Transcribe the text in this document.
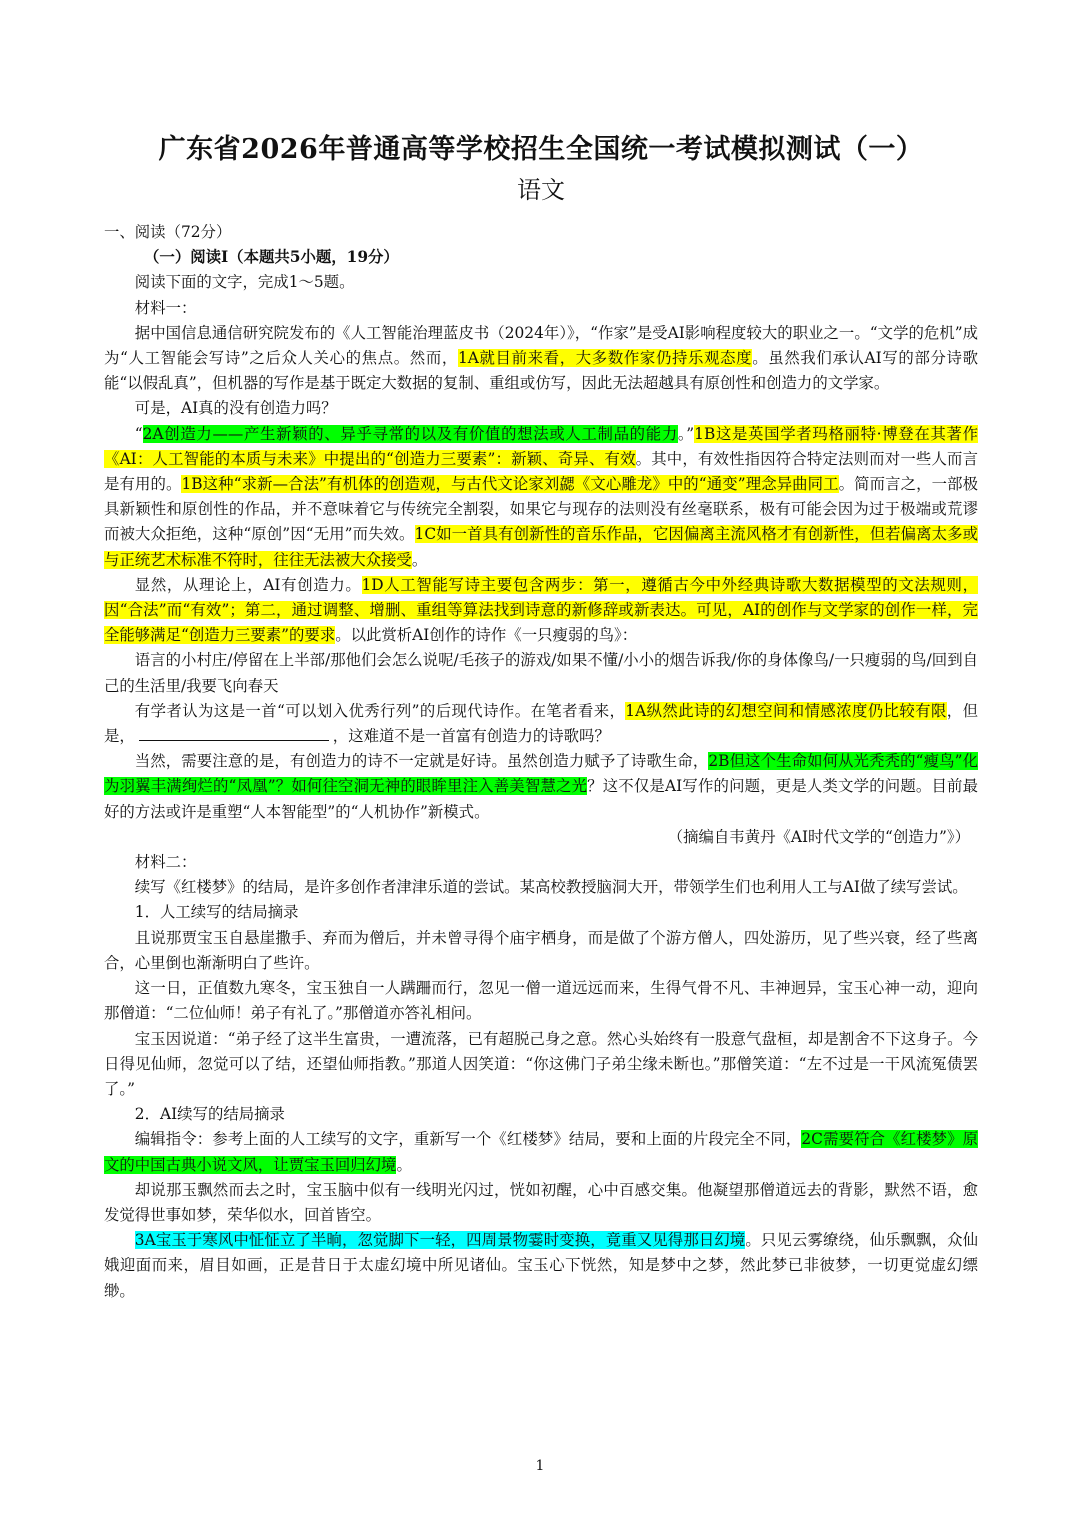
广东省2026年普通高等学校招生全国统一考试模拟测试（一）
语文

一、阅读（72分）

（一）阅读Ⅰ（本题共5小题，19分）

阅读下面的文字，完成1～5题。

材料一：

据中国信息通信研究院发布的《人工智能治理蓝皮书（2024年）》，“作家”是受AI影响程度较大的职业之一。“文学的危机”成为“人工智能会写诗”之后众人关心的焦点。然而，1A就目前来看，大多数作家仍持乐观态度。虽然我们承认AI写的部分诗歌能“以假乱真”，但机器的写作是基于既定大数据的复制、重组或仿写，因此无法超越具有原创性和创造力的文学家。

可是，AI真的没有创造力吗？

“2A创造力——产生新颖的、异乎寻常的以及有价值的想法或人工制品的能力。”1B这是英国学者玛格丽特·博登在其著作《AI：人工智能的本质与未来》中提出的“创造力三要素”：新颖、奇异、有效。其中，有效性指因符合特定法则而对一些人而言是有用的。1B这种“求新—合法”有机体的创造观，与古代文论家刘勰《文心雕龙》中的“通变”理念异曲同工。简而言之，一部极具新颖性和原创性的作品，并不意味着它与传统完全割裂，如果它与现存的法则没有丝毫联系，极有可能会因为过于极端或荒谬而被大众拒绝，这种“原创”因“无用”而失效。1C如一首具有创新性的音乐作品，它因偏离主流风格才有创新性，但若偏离太多或与正统艺术标准不符时，往往无法被大众接受。

显然，从理论上，AI有创造力。1D人工智能写诗主要包含两步：第一，遵循古今中外经典诗歌大数据模型的文法规则，因“合法”而“有效”；第二，通过调整、增删、重组等算法找到诗意的新修辞或新表达。可见，AI的创作与文学家的创作一样，完全能够满足“创造力三要素”的要求。以此赏析AI创作的诗作《一只瘦弱的鸟》：

语言的小村庄/停留在上半部/那他们会怎么说呢/毛孩子的游戏/如果不懂/小小的烟告诉我/你的身体像鸟/一只瘦弱的鸟/回到自己的生活里/我要飞向春天

有学者认为这是一首“可以划入优秀行列”的后现代诗作。在笔者看来，1A纵然此诗的幻想空间和情感浓度仍比较有限，但是，	，这难道不是一首富有创造力的诗歌吗？

当然，需要注意的是，有创造力的诗不一定就是好诗。虽然创造力赋予了诗歌生命，2B但这个生命如何从光秃秃的“瘦鸟”化为羽翼丰满绚烂的“凤凰”？如何往空洞无神的眼眸里注入善美智慧之光？这不仅是AI写作的问题，更是人类文学的问题。目前最好的方法或许是重塑“人本智能型”的“人机协作”新模式。

（摘编自韦黄丹《AI时代文学的“创造力”》）

材料二：

续写《红楼梦》的结局，是许多创作者津津乐道的尝试。某高校教授脑洞大开，带领学生们也利用人工与AI做了续写尝试。

1．人工续写的结局摘录

且说那贾宝玉自悬崖撒手、弃而为僧后，并未曾寻得个庙宇栖身，而是做了个游方僧人，四处游历，见了些兴衰，经了些离合，心里倒也渐渐明白了些许。

这一日，正值数九寒冬，宝玉独自一人蹒跚而行，忽见一僧一道远远而来，生得气骨不凡、丰神迥异，宝玉心神一动，迎向那僧道：“二位仙师！弟子有礼了。”那僧道亦答礼相问。

宝玉因说道：“弟子经了这半生富贵，一遭流落，已有超脱己身之意。然心头始终有一股意气盘桓，却是割舍不下这身子。今日得见仙师，忽觉可以了结，还望仙师指教。”那道人因笑道：“你这佛门子弟尘缘未断也。”那僧笑道：“左不过是一干风流冤债罢了。”

2．AI续写的结局摘录

编辑指令：参考上面的人工续写的文字，重新写一个《红楼梦》结局，要和上面的片段完全不同，2C需要符合《红楼梦》原文的中国古典小说文风，让贾宝玉回归幻境。

却说那玉飘然而去之时，宝玉脑中似有一线明光闪过，恍如初醒，心中百感交集。他凝望那僧道远去的背影，默然不语，愈发觉得世事如梦，荣华似水，回首皆空。

3A宝玉于寒风中怔怔立了半晌，忽觉脚下一轻，四周景物霎时变换，竟重又见得那日幻境。只见云雾缭绕，仙乐飘飘，众仙娥迎面而来，眉目如画，正是昔日于太虚幻境中所见诸仙。宝玉心下恍然，知是梦中之梦，然此梦已非彼梦，一切更觉虚幻缥缈。

1
